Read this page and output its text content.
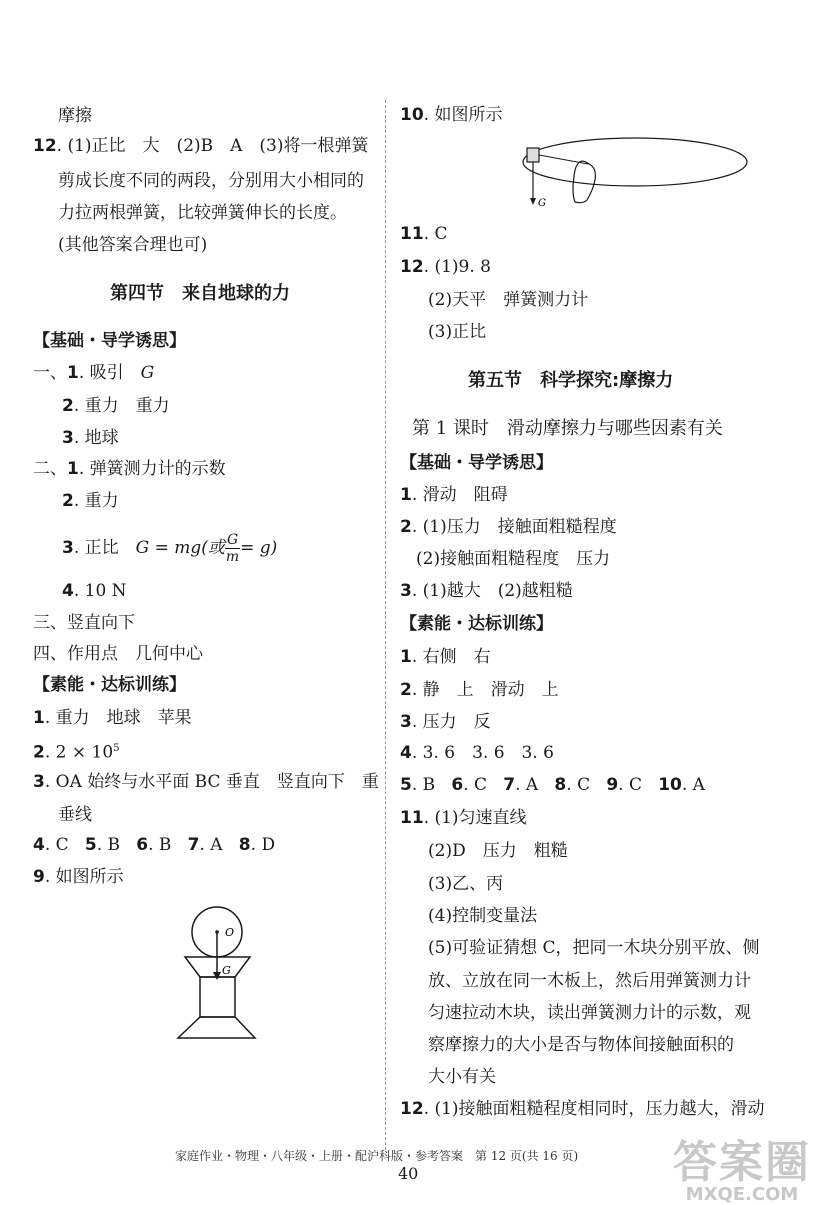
摩擦
12. (1)正比　大　(2)B　A　(3)将一根弹簧
剪成长度不同的两段，分别用大小相同的
力拉两根弹簧，比较弹簧伸长的长度。
(其他答案合理也可)
第四节　来自地球的力
【基础・导学诱思】
一、1. 吸引　G
2. 重力　重力
3. 地球
二、1. 弹簧测力计的示数
2. 重力
3. 正比　G = mg(或 $\frac{G}{m} = g$)
4. 10 N
三、竖直向下
四、作用点　几何中心
【素能・达标训练】
1. 重力　地球　苹果
2. $2 \times 10^5$
3. OA 始终与水平面 BC 垂直　竖直向下　重
垂线
4. C 5. B 6. B 7. A 8. D
9. 如图所示
O
G
10. 如图所示
G
11. C
12. (1)9. 8
(2)天平　弹簧测力计
(3)正比
第五节　科学探究:摩擦力
第 1 课时　滑动摩擦力与哪些因素有关
【基础・导学诱思】
1. 滑动　阻碍
2. (1)压力　接触面粗糙程度
(2)接触面粗糙程度　压力
3. (1)越大　(2)越粗糙
【素能・达标训练】
1. 右侧　右
2. 静　上　滑动　上
3. 压力　反
4. 3. 6　3. 6　3. 6
5. B 6. C 7. A 8. C 9. C 10. A
11. (1)匀速直线
(2)D　压力　粗糙
(3)乙、丙
(4)控制变量法
(5)可验证猜想 C，把同一木块分别平放、侧
放、立放在同一木板上，然后用弹簧测力计
匀速拉动木块，读出弹簧测力计的示数，观
察摩擦力的大小是否与物体间接触面积的
大小有关
12. (1)接触面粗糙程度相同时，压力越大，滑动
家庭作业・物理・八年级・上册・配沪科版・参考答案　第 12 页(共 16 页)
40	答案圈
MXQE.COM
